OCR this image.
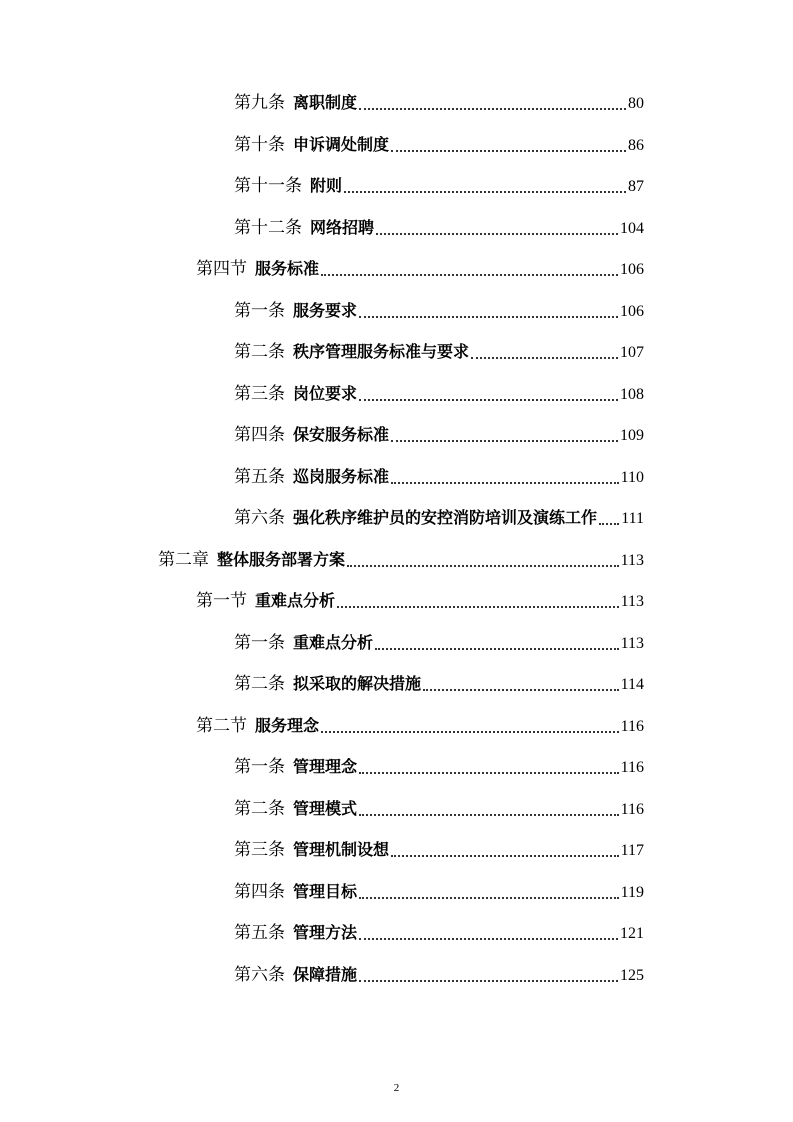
第九条 离职制度	80
第十条 申诉调处制度	86
第十一条 附则	87
第十二条 网络招聘	104
第四节 服务标准	106
第一条 服务要求	106
第二条 秩序管理服务标准与要求	107
第三条 岗位要求	108
第四条 保安服务标准	109
第五条 巡岗服务标准	110
第六条 强化秩序维护员的安控消防培训及演练工作 111
第二章 整体服务部署方案	113
第一节 重难点分析	113
第一条 重难点分析	113
第二条 拟采取的解决措施	114
第二节 服务理念	116
第一条 管理理念	116
第二条 管理模式	116
第三条 管理机制设想	117
第四条 管理目标	119
第五条 管理方法	121
第六条 保障措施	125
2
